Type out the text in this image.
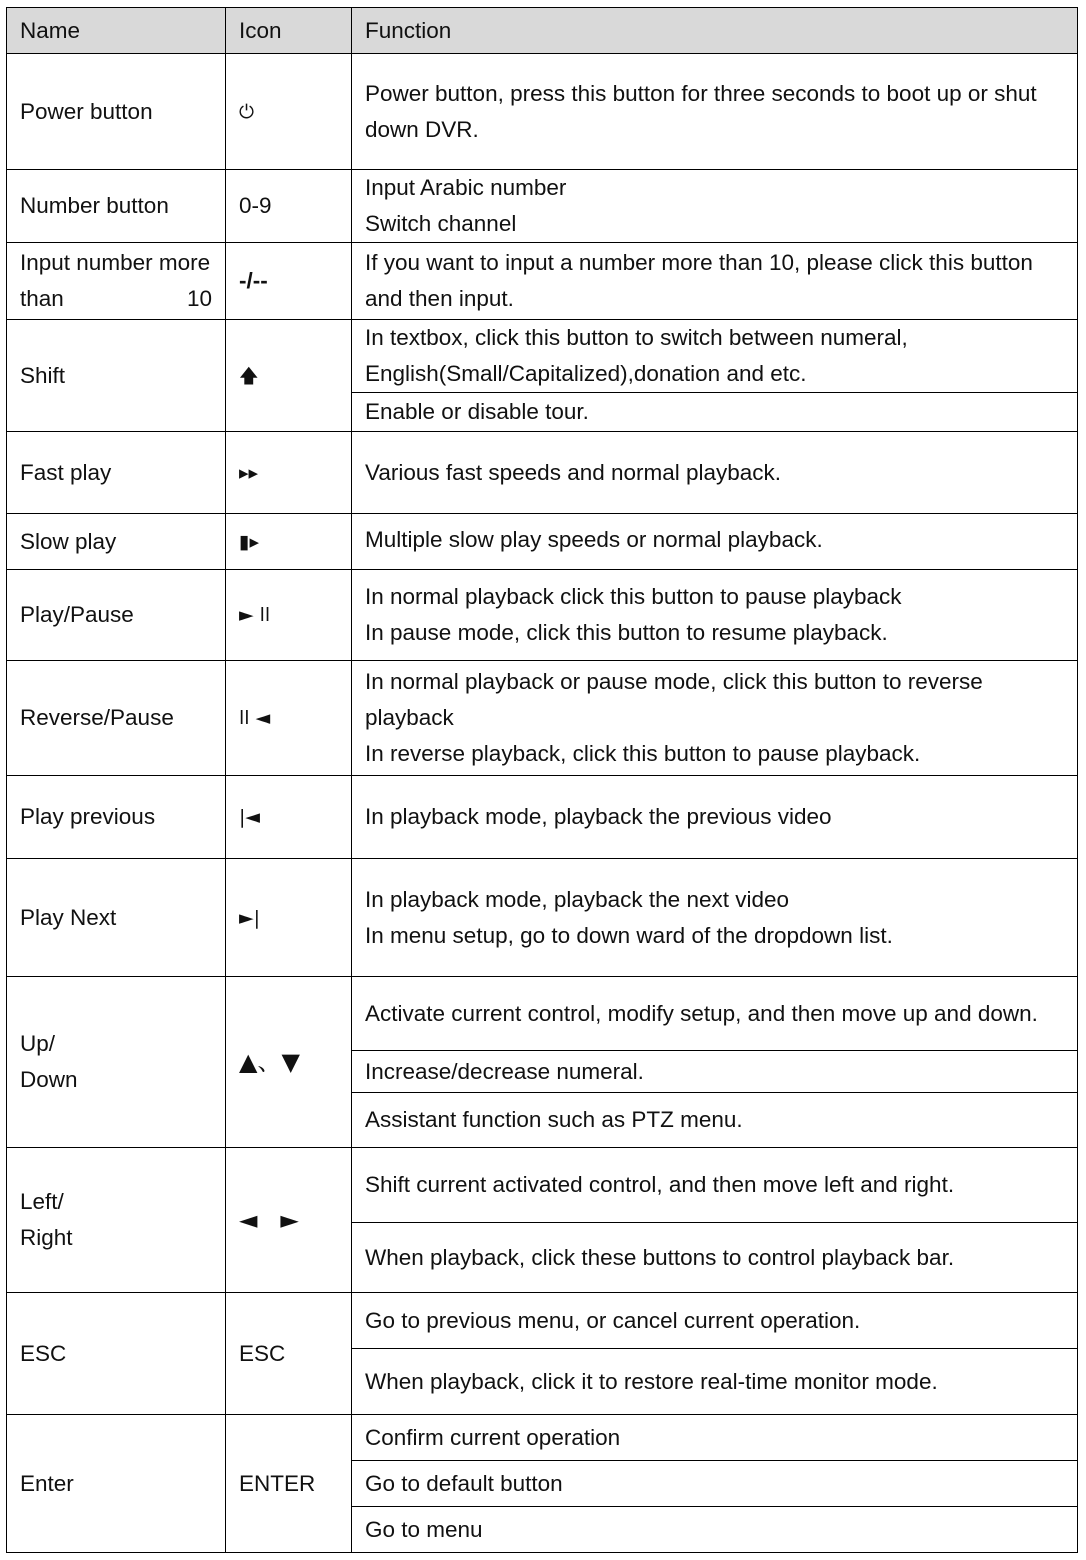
Name	Icon	Function
Power button	⏻	Power button, press this button for three seconds to boot up or shut down DVR.
Number button	0-9	Input Arabic number
Switch channel
Input number more than 10	-/--	If you want to input a number more than 10, please click this button and then input.
Shift	🡅	In textbox, click this button to switch between numeral, English(Small/Capitalized),donation and etc.
		Enable or disable tour.
Fast play	▸▸	Various fast speeds and normal playback.
Slow play	▮▸	Multiple slow play speeds or normal playback.
Play/Pause	► ll	In normal playback click this button to pause playback
In pause mode, click this button to resume playback.
Reverse/Pause	ll ◄	In normal playback or pause mode, click this button to reverse playback
In reverse playback, click this button to pause playback.
Play previous	|◄	In playback mode, playback the previous video
Play Next	►|	In playback mode, playback the next video
In menu setup, go to down ward of the dropdown list.
Up/
Down	▲、▼	Activate current control, modify setup, and then move up and down.
		Increase/decrease numeral.
		Assistant function such as PTZ menu.
Left/
Right	◄   ►	Shift current activated control, and then move left and right.
		When playback, click these buttons to control playback bar.
ESC	ESC	Go to previous menu, or cancel current operation.
		When playback, click it to restore real-time monitor mode.
Enter	ENTER	Confirm current operation
		Go to default button
		Go to menu
